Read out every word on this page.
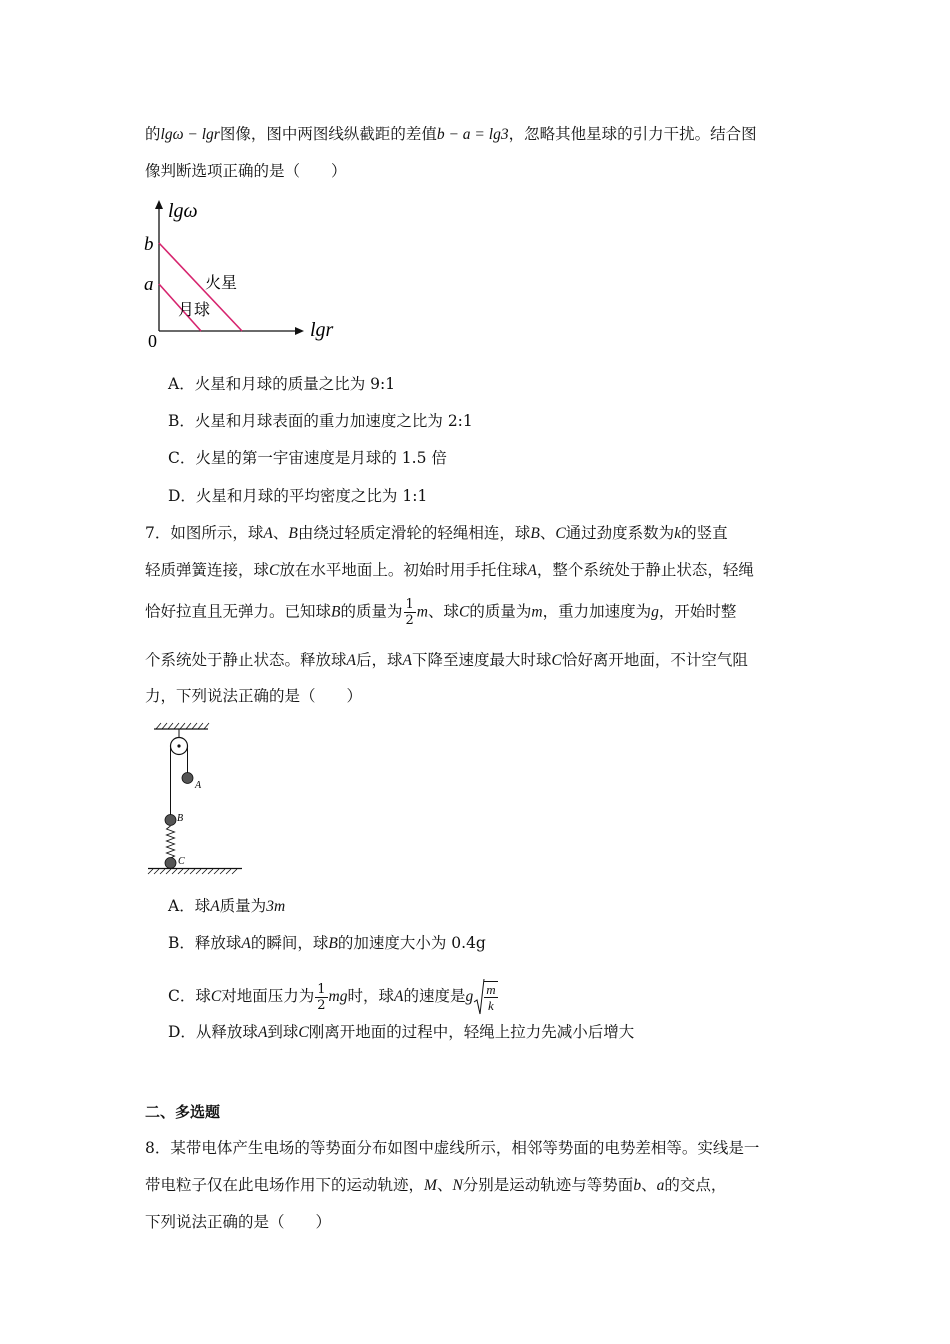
的lgω − lgr图像，图中两图线纵截距的差值b − a = lg3，忽略其他星球的引力干扰。结合图
像判断选项正确的是（　　）
lgω
lgr
0
b
a	火星
月球
A．火星和月球的质量之比为 9:1
B．火星和月球表面的重力加速度之比为 2:1
C．火星的第一宇宙速度是月球的 1.5 倍
D．火星和月球的平均密度之比为 1:1
7．如图所示，球A、B由绕过轻质定滑轮的轻绳相连，球B、C通过劲度系数为k的竖直
轻质弹簧连接，球C放在水平地面上。初始时用手托住球A，整个系统处于静止状态，轻绳
恰好拉直且无弹力。已知球B的质量为 $\frac{1}{2}$ m、球C的质量为m，重力加速度为g，开始时整
个系统处于静止状态。释放球A后，球A下降至速度最大时球C恰好离开地面，不计空气阻
力，下列说法正确的是（　　）
A
B
C
A．球A质量为3m
B．释放球A的瞬间，球B的加速度大小为 0.4g
C．球C对地面压力为 $\frac{1}{2}$ mg时，球A的速度是g $\frac{m}{k}$
D．从释放球A到球C刚离开地面的过程中，轻绳上拉力先减小后增大
二、多选题
8．某带电体产生电场的等势面分布如图中虚线所示，相邻等势面的电势差相等。实线是一
带电粒子仅在此电场作用下的运动轨迹，M、N分别是运动轨迹与等势面b、a的交点，
下列说法正确的是（　　）
